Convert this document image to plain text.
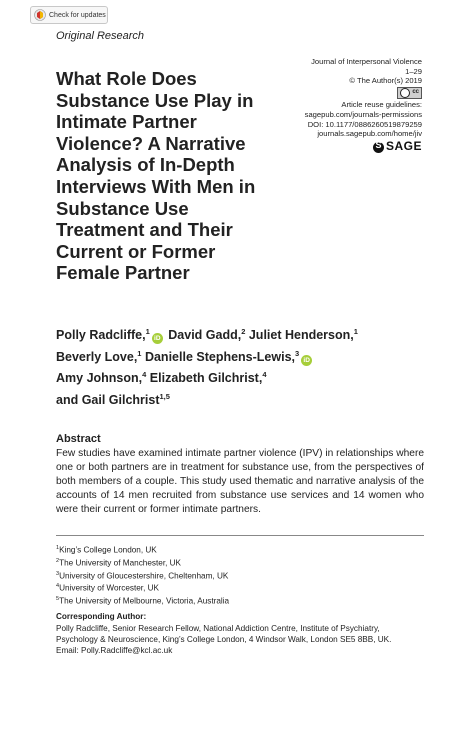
Check for updates
Original Research
Journal of Interpersonal Violence
1–29
© The Author(s) 2019
cc
Article reuse guidelines:
sagepub.com/journals-permissions
DOI: 10.1177/0886260519879259
journals.sagepub.com/home/jiv
S
SAGE
What Role Does Substance Use Play in Intimate Partner Violence? A Narrative Analysis of In-Depth Interviews With Men in Substance Use Treatment and Their Current or Former Female Partner

Polly Radcliffe,$^1$iD David Gadd,$^2$ Juliet Henderson,$^1$
Beverly Love,$^1$ Danielle Stephens-Lewis,$^3$iD
Amy Johnson,$^4$ Elizabeth Gilchrist,$^4$
and Gail Gilchrist$^{1,5}$

Abstract

Few studies have examined intimate partner violence (IPV) in relationships where one or both partners are in treatment for substance use, from the perspectives of both members of a couple. This study used thematic and narrative analysis of the accounts of 14 men recruited from substance use services and 14 women who were their current or former intimate partners.

$^1$King’s College London, UK
$^2$The University of Manchester, UK
$^3$University of Gloucestershire, Cheltenham, UK
$^4$University of Worcester, UK
$^5$The University of Melbourne, Victoria, Australia
Corresponding Author:
Polly Radcliffe, Senior Research Fellow, National Addiction Centre, Institute of Psychiatry,
Psychology & Neuroscience, King’s College London, 4 Windsor Walk, London SE5 8BB, UK.
Email: Polly.Radcliffe@kcl.ac.uk
